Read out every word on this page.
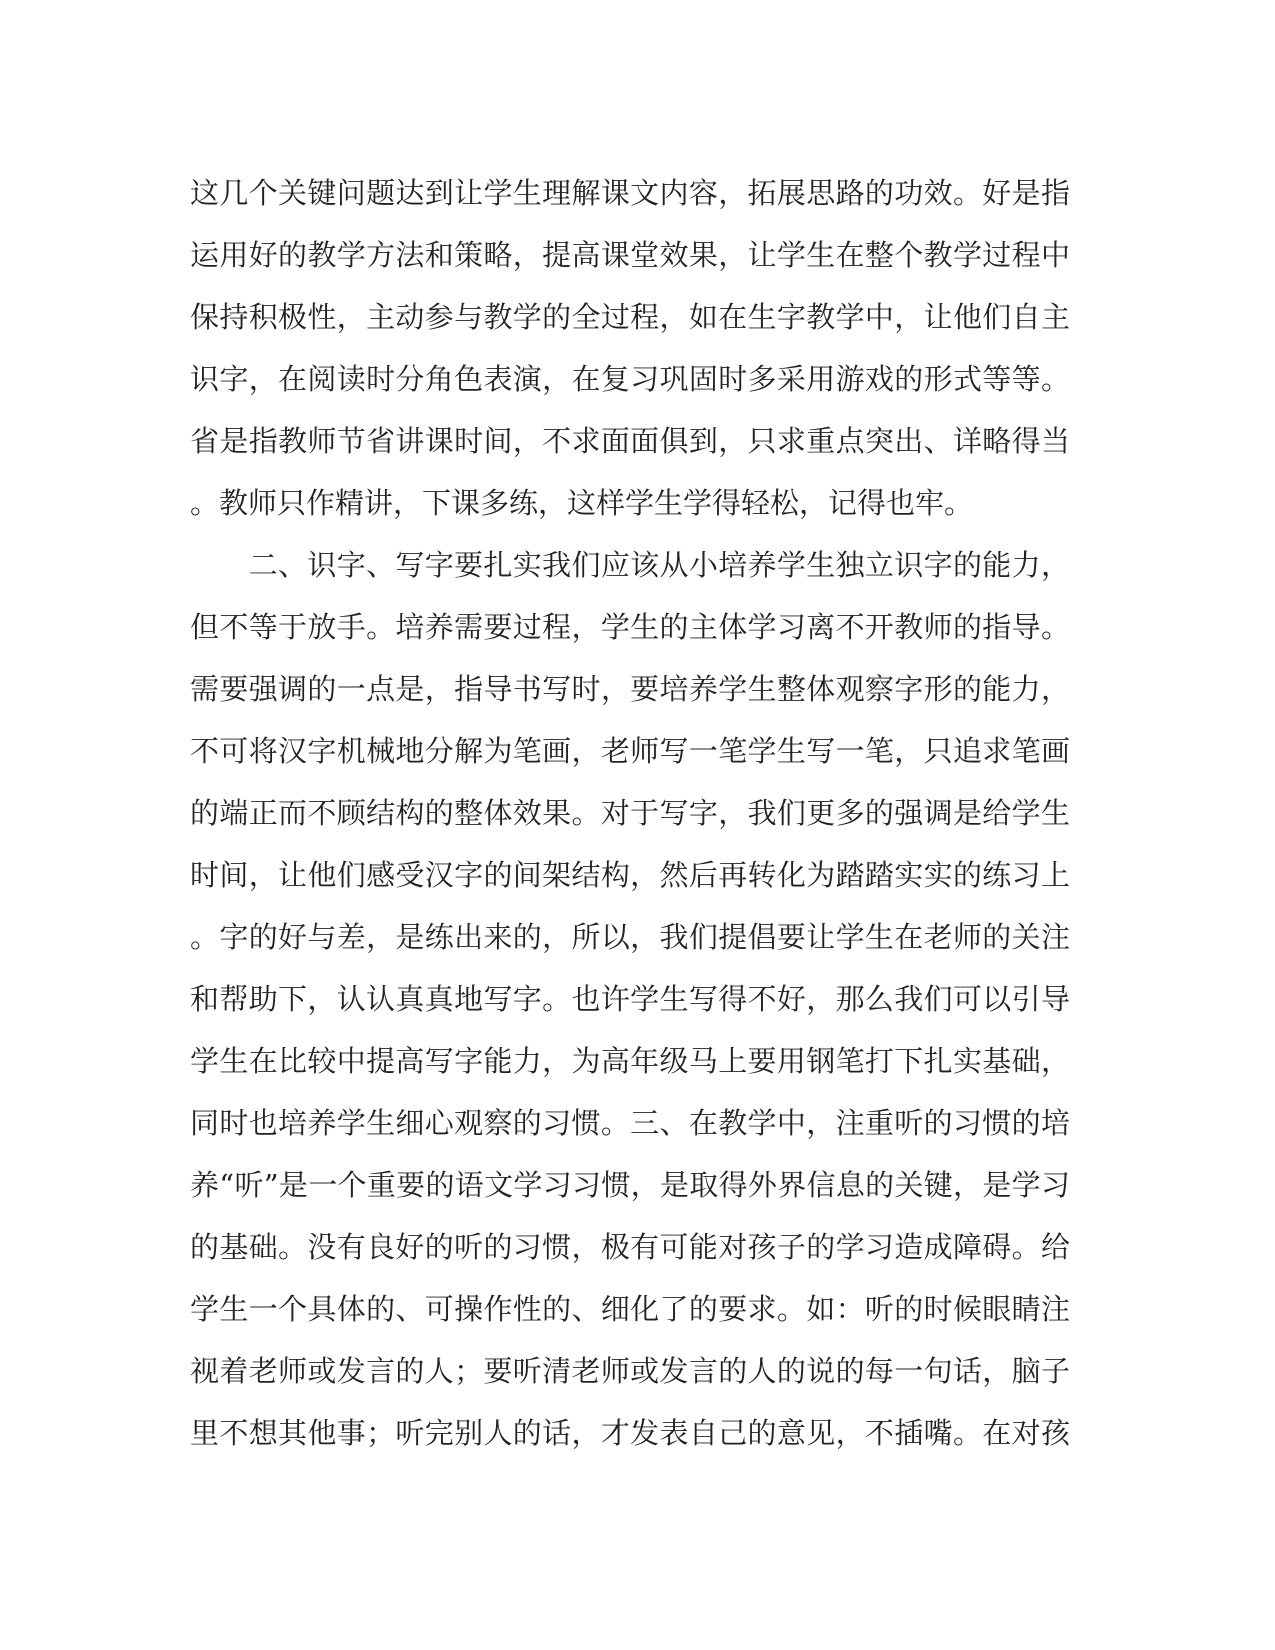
这几个关键问题达到让学生理解课文内容，拓展思路的功效。好是指
运用好的教学方法和策略，提高课堂效果，让学生在整个教学过程中
保持积极性，主动参与教学的全过程，如在生字教学中，让他们自主
识字，在阅读时分角色表演，在复习巩固时多采用游戏的形式等等。
省是指教师节省讲课时间，不求面面俱到，只求重点突出、详略得当
。教师只作精讲，下课多练，这样学生学得轻松，记得也牢。
　　二、识字、写字要扎实我们应该从小培养学生独立识字的能力，
但不等于放手。培养需要过程，学生的主体学习离不开教师的指导。
需要强调的一点是，指导书写时，要培养学生整体观察字形的能力，
不可将汉字机械地分解为笔画，老师写一笔学生写一笔，只追求笔画
的端正而不顾结构的整体效果。对于写字，我们更多的强调是给学生
时间，让他们感受汉字的间架结构，然后再转化为踏踏实实的练习上
。字的好与差，是练出来的，所以，我们提倡要让学生在老师的关注
和帮助下，认认真真地写字。也许学生写得不好，那么我们可以引导
学生在比较中提高写字能力，为高年级马上要用钢笔打下扎实基础，
同时也培养学生细心观察的习惯。三、在教学中，注重听的习惯的培
养“听”是一个重要的语文学习习惯，是取得外界信息的关键，是学习
的基础。没有良好的听的习惯，极有可能对孩子的学习造成障碍。给
学生一个具体的、可操作性的、细化了的要求。如：听的时候眼睛注
视着老师或发言的人；要听清老师或发言的人的说的每一句话，脑子
里不想其他事；听完别人的话，才发表自己的意见，不插嘴。在对孩
